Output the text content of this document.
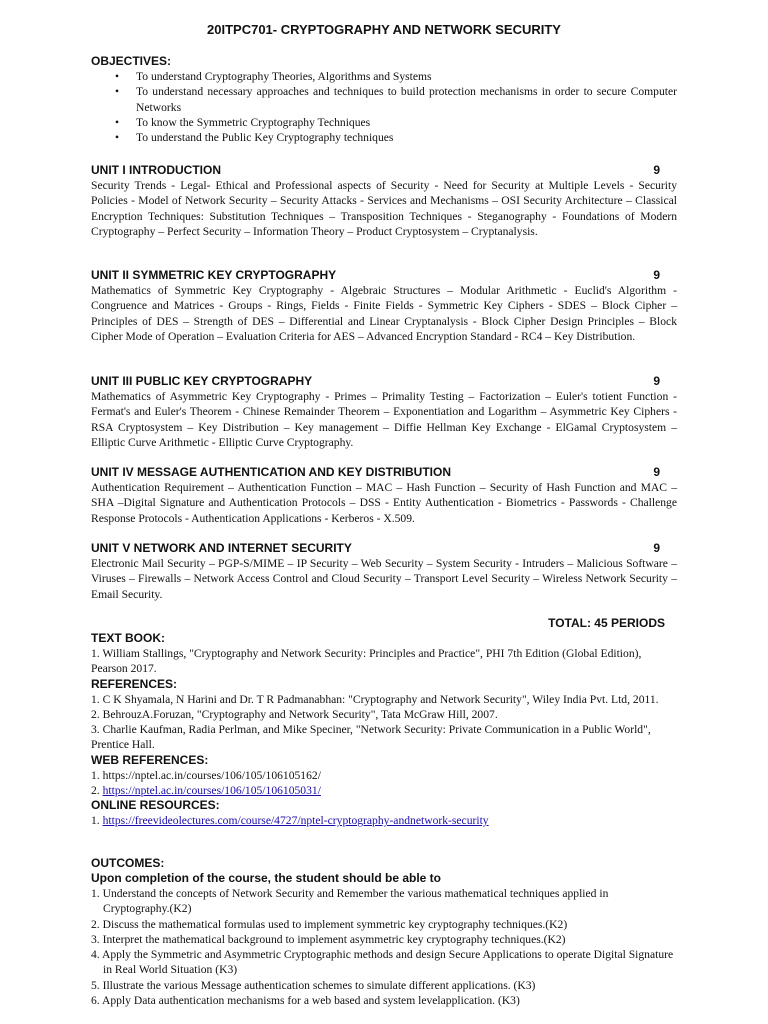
20ITPC701- CRYPTOGRAPHY AND NETWORK SECURITY
OBJECTIVES:
• To understand Cryptography Theories, Algorithms and Systems
• To understand necessary approaches and techniques to build protection mechanisms in order to secure Computer Networks
• To know the Symmetric Cryptography Techniques
• To understand the Public Key Cryptography techniques
UNIT I INTRODUCTION	9
Security Trends - Legal- Ethical and Professional aspects of Security - Need for Security at Multiple Levels - Security Policies - Model of Network Security – Security Attacks - Services and Mechanisms – OSI Security Architecture – Classical Encryption Techniques: Substitution Techniques – Transposition Techniques - Steganography - Foundations of Modern Cryptography – Perfect Security – Information Theory – Product Cryptosystem – Cryptanalysis.
UNIT II SYMMETRIC KEY CRYPTOGRAPHY	9
Mathematics of Symmetric Key Cryptography - Algebraic Structures – Modular Arithmetic - Euclid's Algorithm - Congruence and Matrices - Groups - Rings, Fields - Finite Fields - Symmetric Key Ciphers - SDES – Block Cipher – Principles of DES – Strength of DES – Differential and Linear Cryptanalysis - Block Cipher Design Principles – Block Cipher Mode of Operation – Evaluation Criteria for AES – Advanced Encryption Standard - RC4 – Key Distribution.
UNIT III PUBLIC KEY CRYPTOGRAPHY	9
Mathematics of Asymmetric Key Cryptography - Primes – Primality Testing – Factorization – Euler's totient Function - Fermat's and Euler's Theorem - Chinese Remainder Theorem – Exponentiation and Logarithm – Asymmetric Key Ciphers - RSA Cryptosystem – Key Distribution – Key management – Diffie Hellman Key Exchange - ElGamal Cryptosystem – Elliptic Curve Arithmetic - Elliptic Curve Cryptography.
UNIT IV MESSAGE AUTHENTICATION AND KEY DISTRIBUTION	9
Authentication Requirement – Authentication Function – MAC – Hash Function – Security of Hash Function and MAC – SHA –Digital Signature and Authentication Protocols – DSS - Entity Authentication - Biometrics - Passwords - Challenge Response Protocols - Authentication Applications - Kerberos - X.509.
UNIT V NETWORK AND INTERNET SECURITY	9
Electronic Mail Security – PGP-S/MIME – IP Security – Web Security – System Security - Intruders – Malicious Software – Viruses – Firewalls – Network Access Control and Cloud Security – Transport Level Security – Wireless Network Security – Email Security.
TOTAL: 45 PERIODS
TEXT BOOK:
1. William Stallings, "Cryptography and Network Security: Principles and Practice", PHI 7th Edition (Global Edition), Pearson 2017.
REFERENCES:
1. C K Shyamala, N Harini and Dr. T R Padmanabhan: "Cryptography and Network Security", Wiley India Pvt. Ltd, 2011.
2. BehrouzA.Foruzan, "Cryptography and Network Security", Tata McGraw Hill, 2007.
3. Charlie Kaufman, Radia Perlman, and Mike Speciner, "Network Security: Private Communication in a Public World", Prentice Hall.
WEB REFERENCES:
1. https://nptel.ac.in/courses/106/105/106105162/
2. https://nptel.ac.in/courses/106/105/106105031/
ONLINE RESOURCES:
1. https://freevideolectures.com/course/4727/nptel-cryptography-andnetwork-security
OUTCOMES:
Upon completion of the course, the student should be able to
1. Understand the concepts of Network Security and Remember the various mathematical techniques applied in Cryptography.(K2)
2. Discuss the mathematical formulas used to implement symmetric key cryptography techniques.(K2)
3. Interpret the mathematical background to implement asymmetric key cryptography techniques.(K2)
4. Apply the Symmetric and Asymmetric Cryptographic methods and design Secure Applications to operate Digital Signature in Real World Situation (K3)
5. Illustrate the various Message authentication schemes to simulate different applications. (K3)
6. Apply Data authentication mechanisms for a web based and system levelapplication. (K3)
